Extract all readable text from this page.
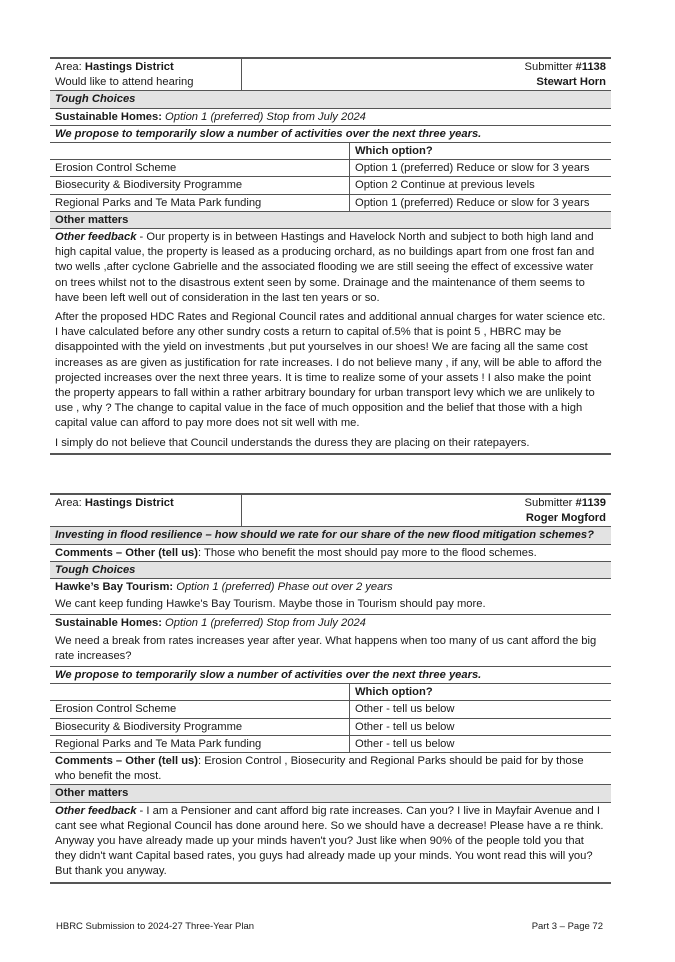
Area: Hastings District
Would like to attend hearing
Submitter #1138
Stewart Horn
Tough Choices
Sustainable Homes: Option 1 (preferred) Stop from July 2024
We propose to temporarily slow a number of activities over the next three years.
Which option?
Erosion Control Scheme	Option 1 (preferred) Reduce or slow for 3 years
Biosecurity & Biodiversity Programme	Option 2 Continue at previous levels
Regional Parks and Te Mata Park funding	Option 1 (preferred) Reduce or slow for 3 years
Other matters

Other feedback - Our property is in between Hastings and Havelock North and subject to both high land and high capital value, the property is leased as a producing orchard, as no buildings apart from one frost fan and two wells ,after cyclone Gabrielle and the associated flooding we are still seeing the effect of excessive water on trees whilst not to the disastrous extent seen by some. Drainage and the maintenance of them seems to have been left well out of consideration in the last ten years or so.

After the proposed HDC Rates and Regional Council rates and additional annual charges for water science etc. I have calculated before any other sundry costs a return to capital of.5% that is point 5 , HBRC may be disappointed with the yield on investments ,but put yourselves in our shoes! We are facing all the same cost increases as are given as justification for rate increases. I do not believe many , if any, will be able to afford the projected increases over the next three years. It is time to realize some of your assets ! I also make the point the property appears to fall within a rather arbitrary boundary for urban transport levy which we are unlikely to use , why ? The change to capital value in the face of much opposition and the belief that those with a high capital value can afford to pay more does not sit well with me.

I simply do not believe that Council understands the duress they are placing on their ratepayers.

Area: Hastings District	Submitter #1139
Roger Mogford
Investing in flood resilience – how should we rate for our share of the new flood mitigation schemes?
Comments – Other (tell us): Those who benefit the most should pay more to the flood schemes.
Tough Choices
Hawke’s Bay Tourism: Option 1 (preferred) Phase out over 2 years
We cant keep funding Hawke's Bay Tourism. Maybe those in Tourism should pay more.
Sustainable Homes: Option 1 (preferred) Stop from July 2024
We need a break from rates increases year after year. What happens when too many of us cant afford the big rate increases?
We propose to temporarily slow a number of activities over the next three years.
Which option?
Erosion Control Scheme	Other - tell us below
Biosecurity & Biodiversity Programme	Other - tell us below
Regional Parks and Te Mata Park funding	Other - tell us below
Comments – Other (tell us): Erosion Control , Biosecurity and Regional Parks should be paid for by those who benefit the most.
Other matters

Other feedback - I am a Pensioner and cant afford big rate increases. Can you? I live in Mayfair Avenue and I cant see what Regional Council has done around here. So we should have a decrease! Please have a re think. Anyway you have already made up your minds haven't you? Just like when 90% of the people told you that they didn't want Capital based rates, you guys had already made up your minds. You wont read this will you? But thank you anyway.

HBRC Submission to 2024-27 Three-Year Plan	Part 3 – Page 72
